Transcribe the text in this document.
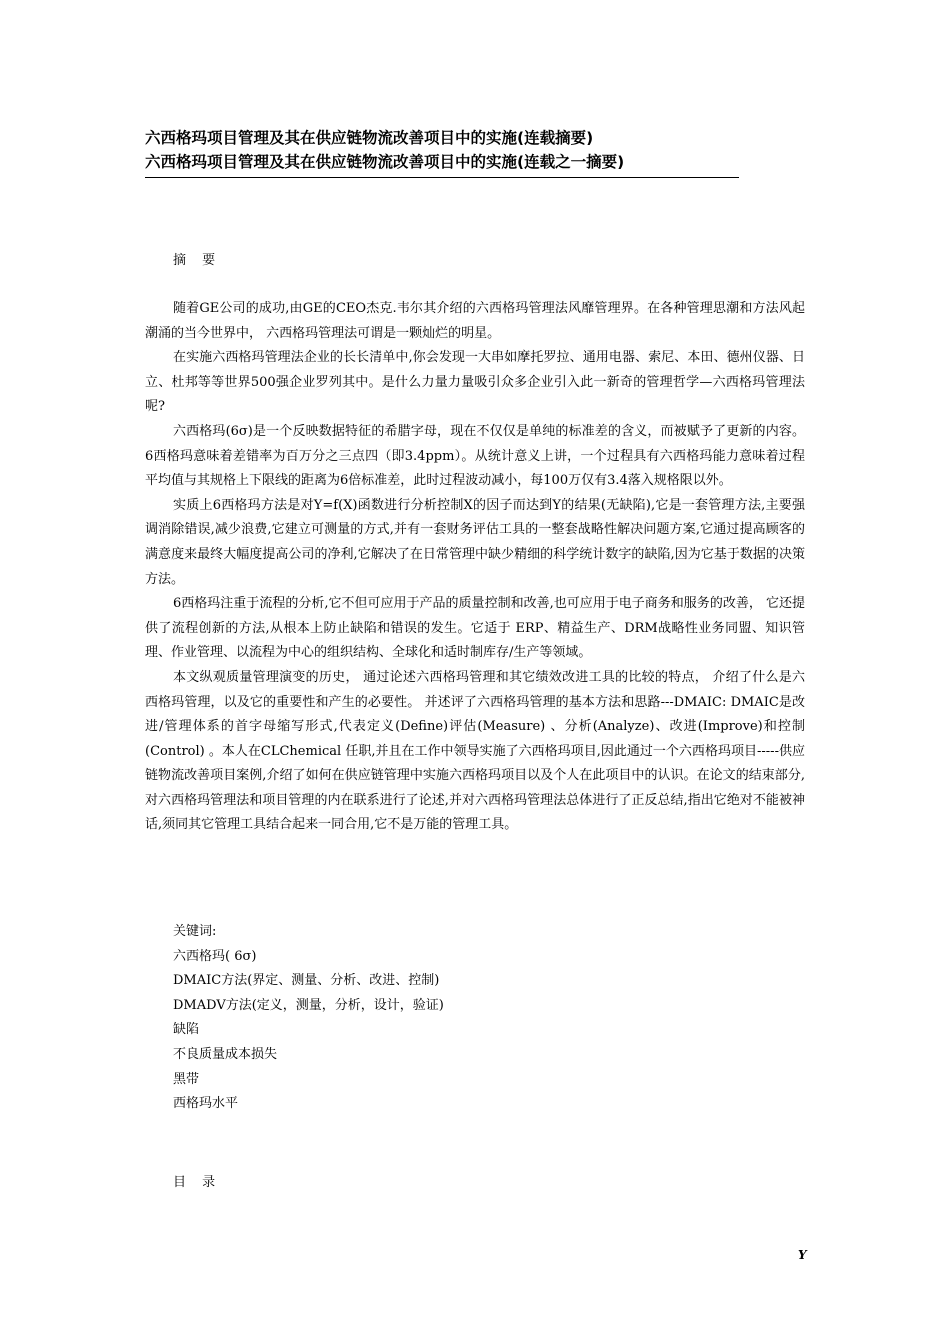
六西格玛项目管理及其在供应链物流改善项目中的实施(连载摘要)
六西格玛项目管理及其在供应链物流改善项目中的实施(连载之一摘要)
摘 要

随着GE公司的成功,由GE的CEO杰克.韦尔其介绍的六西格玛管理法风靡管理界。在各种管理思潮和方法风起潮涌的当今世界中， 六西格玛管理法可谓是一颗灿烂的明星。

在实施六西格玛管理法企业的长长清单中,你会发现一大串如摩托罗拉、通用电器、索尼、本田、德州仪器、日立、杜邦等等世界500强企业罗列其中。是什么力量力量吸引众多企业引入此一新奇的管理哲学—六西格玛管理法呢?

六西格玛(6σ)是一个反映数据特征的希腊字母，现在不仅仅是单纯的标准差的含义，而被赋予了更新的内容。6西格玛意味着差错率为百万分之三点四（即3.4ppm）。从统计意义上讲，一个过程具有六西格玛能力意味着过程平均值与其规格上下限线的距离为6倍标准差，此时过程波动减小，每100万仅有3.4落入规格限以外。

实质上6西格玛方法是对Y=f(X)函数进行分析控制X的因子而达到Y的结果(无缺陷),它是一套管理方法,主要强调消除错误,减少浪费,它建立可测量的方式,并有一套财务评估工具的一整套战略性解决问题方案,它通过提高顾客的满意度来最终大幅度提高公司的净利,它解决了在日常管理中缺少精细的科学统计数字的缺陷,因为它基于数据的决策方法。

6西格玛注重于流程的分析,它不但可应用于产品的质量控制和改善,也可应用于电子商务和服务的改善， 它还提供了流程创新的方法,从根本上防止缺陷和错误的发生。它适于 ERP、精益生产、DRM战略性业务同盟、知识管理、作业管理、以流程为中心的组织结构、全球化和适时制库存/生产等领域。

本文纵观质量管理演变的历史， 通过论述六西格玛管理和其它绩效改进工具的比较的特点， 介绍了什么是六西格玛管理，以及它的重要性和产生的必要性。 并述评了六西格玛管理的基本方法和思路---DMAIC: DMAIC是改进/管理体系的首字母缩写形式,代表定义(Define)评估(Measure) 、分析(Analyze)、改进(Improve)和控制(Control) 。本人在CLChemical 任职,并且在工作中领导实施了六西格玛项目,因此通过一个六西格玛项目-----供应链物流改善项目案例,介绍了如何在供应链管理中实施六西格玛项目以及个人在此项目中的认识。在论文的结束部分,对六西格玛管理法和项目管理的内在联系进行了论述,并对六西格玛管理法总体进行了正反总结,指出它绝对不能被神话,须同其它管理工具结合起来一同合用,它不是万能的管理工具。

关键词:
六西格玛( 6σ)
DMAIC方法(界定、测量、分析、改进、控制)
DMADV方法(定义，测量，分析，设计，验证)
缺陷
不良质量成本损失
黑带
西格玛水平
目 录
Y
